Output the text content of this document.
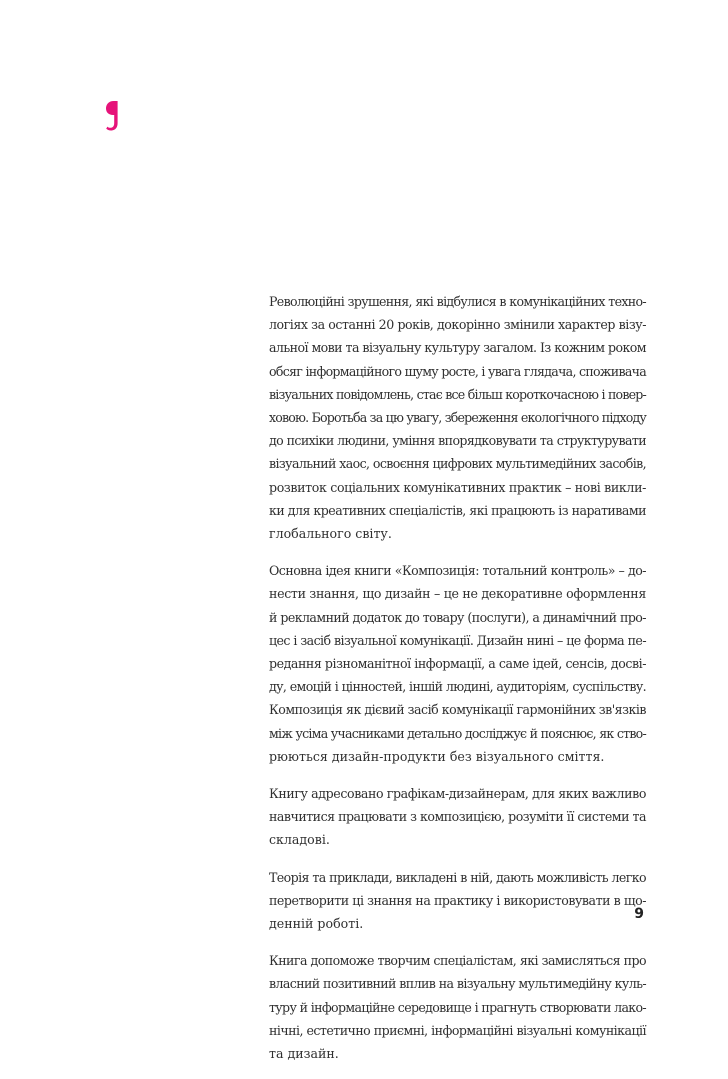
Революційні зрушення, які відбулися в комунікаційних техно-
логіях за останні 20 років, докорінно змінили характер візу-
альної мови та візуальну культуру загалом. Із кожним роком
обсяг інформаційного шуму росте, і увага глядача, споживача
візуальних повідомлень, стає все більш короткочасною і повер-
ховою. Боротьба за цю увагу, збереження екологічного підходу
до психіки людини, уміння впорядковувати та структурувати
візуальний хаос, освоєння цифрових мультимедійних засобів,
розвиток соціальних комунікативних практик – нові викли-
ки для креативних спеціалістів, які працюють із наративами
глобального світу.

Основна ідея книги «Композиція: тотальний контроль» – до-
нести знання, що дизайн – це не декоративне оформлення
й рекламний додаток до товару (послуги), а динамічний про-
цес і засіб візуальної комунікації. Дизайн нині – це форма пе-
редання різноманітної інформації, а саме ідей, сенсів, досві-
ду, емоцій і цінностей, іншій людині, аудиторіям, суспільству.
Композиція як дієвий засіб комунікації гармонійних зв'язків
між усіма учасниками детально досліджує й пояснює, як ство-
рюються дизайн-продукти без візуального сміття.

Книгу адресовано графікам-дизайнерам, для яких важливо
навчитися працювати з композицією, розуміти її системи та
складові.

Теорія та приклади, викладені в ній, дають можливість легко
перетворити ці знання на практику і використовувати в що-
денній роботі.

Книга допоможе творчим спеціалістам, які замисляться про
власний позитивний вплив на візуальну мультимедійну куль-
туру й інформаційне середовище і прагнуть створювати лако-
нічні, естетично приємні, інформаційні візуальні комунікації
та дизайн.

9
